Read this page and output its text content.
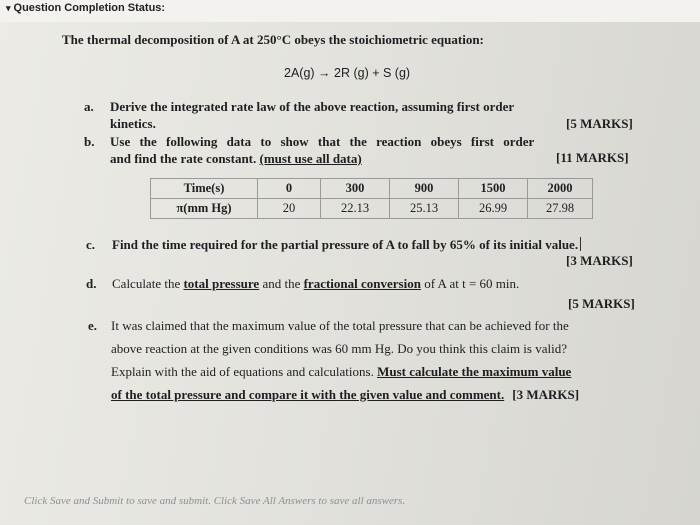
▾ Question Completion Status:
The thermal decomposition of A at 250°C obeys the stoichiometric equation:
2A(g) → 2R (g) + S (g)
a. Derive the integrated rate law of the above reaction, assuming first order
kinetics.	[5 MARKS]
b. Use the following data to show that the reaction obeys first order
and find the rate constant. (must use all data)	[11 MARKS]
Time(s)	0	300	900	1500	2000
π(mm Hg)	20	22.13	25.13	26.99	27.98
c. Find the time required for the partial pressure of A to fall by 65% of its initial value.
[3 MARKS]
d. Calculate the total pressure and the fractional conversion of A at t = 60 min.
[5 MARKS]
e. It was claimed that the maximum value of the total pressure that can be achieved for the
above reaction at the given conditions was 60 mm Hg. Do you think this claim is valid?
Explain with the aid of equations and calculations. Must calculate the maximum value
of the total pressure and compare it with the given value and comment. [3 MARKS]
Click Save and Submit to save and submit. Click Save All Answers to save all answers.
